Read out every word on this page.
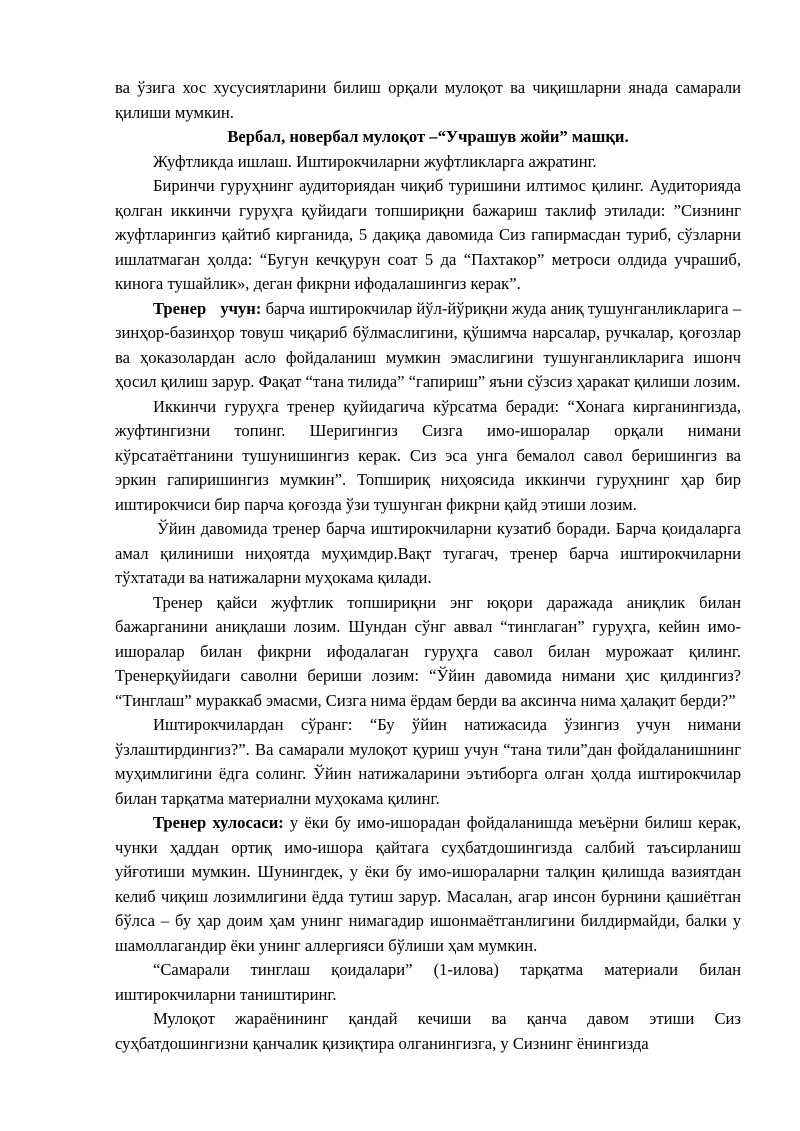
ва ўзига хос хусусиятларини билиш орқали мулоқот ва чиқишларни янада самарали қилиши мумкин.

Вербал, новербал мулоқот –“Учрашув жойи” машқи.

Жуфтликда ишлаш. Иштирокчиларни жуфтликларга ажратинг.

Биринчи гуруҳнинг аудиториядан чиқиб туришини илтимос қилинг. Аудиторияда қолган иккинчи гуруҳга қуйидаги топшириқни бажариш таклиф этилади: ”Сизнинг жуфтларингиз қайтиб кирганида, 5 дақиқа давомида Сиз гапирмасдан туриб, сўзларни ишлатмаган ҳолда: “Бугун кечқурун соат 5 да “Пахтакор” метроси олдида учрашиб, кинога тушайлик», деган фикрни ифодалашингиз керак”.

Тренер учун: барча иштирокчилар йўл-йўриқни жуда аниқ тушунганликларига – зинҳор-базинҳор товуш чиқариб бўлмаслигини, қўшимча нарсалар, ручкалар, қоғозлар ва ҳоказолардан асло фойдаланиш мумкин эмаслигини тушунганликларига ишонч ҳосил қилиш зарур. Фақат “тана тилида” “гапириш” яъни сўзсиз ҳаракат қилиши лозим.

Иккинчи гуруҳга тренер қуйидагича кўрсатма беради: “Хонага кирганингизда, жуфтингизни топинг. Шеригингиз Сизга имо-ишоралар орқали нимани кўрсатаётганини тушунишингиз керак. Сиз эса унга бемалол савол беришингиз ва эркин гапиришингиз мумкин”. Топшириқ ниҳоясида иккинчи гуруҳнинг ҳар бир иштирокчиси бир парча қоғозда ўзи тушунган фикрни қайд этиши лозим.

Ўйин давомида тренер барча иштирокчиларни кузатиб боради. Барча қоидаларга амал қилиниши ниҳоятда муҳимдир.Вақт тугагач, тренер барча иштирокчиларни тўхтатади ва натижаларни муҳокама қилади.

Тренер қайси жуфтлик топшириқни энг юқори даражада аниқлик билан бажарганини аниқлаши лозим. Шундан сўнг аввал “тинглаган” гуруҳга, кейин имо-ишоралар билан фикрни ифодалаган гуруҳга савол билан мурожаат қилинг. Тренерқуйидаги саволни бериши лозим: “Ўйин давомида нимани ҳис қилдингиз? “Тинглаш” мураккаб эмасми, Сизга нима ёрдам берди ва аксинча нима ҳалақит берди?”

Иштирокчилардан сўранг: “Бу ўйин натижасида ўзингиз учун нимани ўзлаштирдингиз?”. Ва самарали мулоқот қуриш учун “тана тили”дан фойдаланишнинг муҳимлигини ёдга солинг. Ўйин натижаларини эътиборга олган ҳолда иштирокчилар билан тарқатма материални муҳокама қилинг.

Тренер хулосаси: у ёки бу имо-ишорадан фойдаланишда меъёрни билиш керак, чунки ҳаддан ортиқ имо-ишора қайтага суҳбатдошингизда салбий таъсирланиш уйғотиши мумкин. Шунингдек, у ёки бу имо-ишораларни талқин қилишда вазиятдан келиб чиқиш лозимлигини ёдда тутиш зарур. Масалан, агар инсон бурнини қашиётган бўлса – бу ҳар доим ҳам унинг нимагадир ишонмаётганлигини билдирмайди, балки у шамоллагандир ёки унинг аллергияси бўлиши ҳам мумкин.

“Самарали тинглаш қоидалари” (1-илова) тарқатма материали билан иштирокчиларни таништиринг.

Мулоқот жараёнининг қандай кечиши ва қанча давом этиши Сиз суҳбатдошингизни қанчалик қизиқтира олганингизга, у Сизнинг ёнингизда
